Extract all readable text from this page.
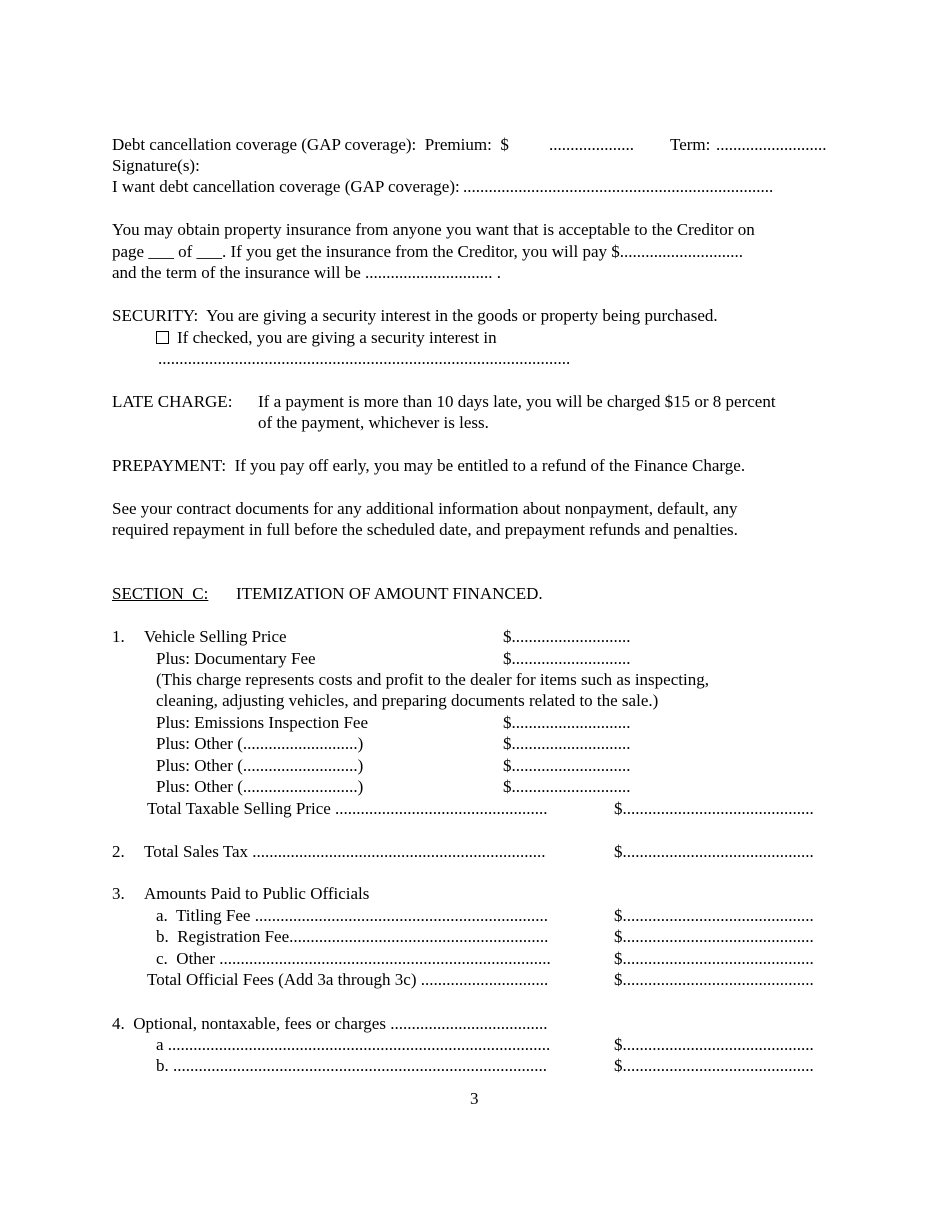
Debt cancellation coverage (GAP coverage):  Premium:  $ .................... Term: ..........................
Signature(s):
I want debt cancellation coverage (GAP coverage): .........................................................................
You may obtain property insurance from anyone you want that is acceptable to the Creditor on
page ___ of ___. If you get the insurance from the Creditor, you will pay $.............................
and the term of the insurance will be .............................. .
SECURITY:  You are giving a security interest in the goods or property being purchased.
If checked, you are giving a security interest in
.................................................................................................
LATE CHARGE: If a payment is more than 10 days late, you will be charged $15 or 8 percent
of the payment, whichever is less.
PREPAYMENT:  If you pay off early, you may be entitled to a refund of the Finance Charge.
See your contract documents for any additional information about nonpayment, default, any
required repayment in full before the scheduled date, and prepayment refunds and penalties.
SECTION  C: ITEMIZATION OF AMOUNT FINANCED.
1. Vehicle Selling Price	$............................
Plus: Documentary Fee	$............................
(This charge represents costs and profit to the dealer for items such as inspecting,
cleaning, adjusting vehicles, and preparing documents related to the sale.)
Plus: Emissions Inspection Fee	$............................
Plus: Other (...........................)	$............................
Plus: Other (...........................)	$............................
Plus: Other (...........................)	$............................
Total Taxable Selling Price ..................................................	$.............................................
2. Total Sales Tax .....................................................................	$.............................................
3. Amounts Paid to Public Officials
a.  Titling Fee .....................................................................	$.............................................
b.  Registration Fee.............................................................	$.............................................
c.  Other ..............................................................................	$.............................................
Total Official Fees (Add 3a through 3c) ..............................	$.............................................
4.  Optional, nontaxable, fees or charges .....................................
a ..........................................................................................	$.............................................
b. ........................................................................................	$.............................................
3
